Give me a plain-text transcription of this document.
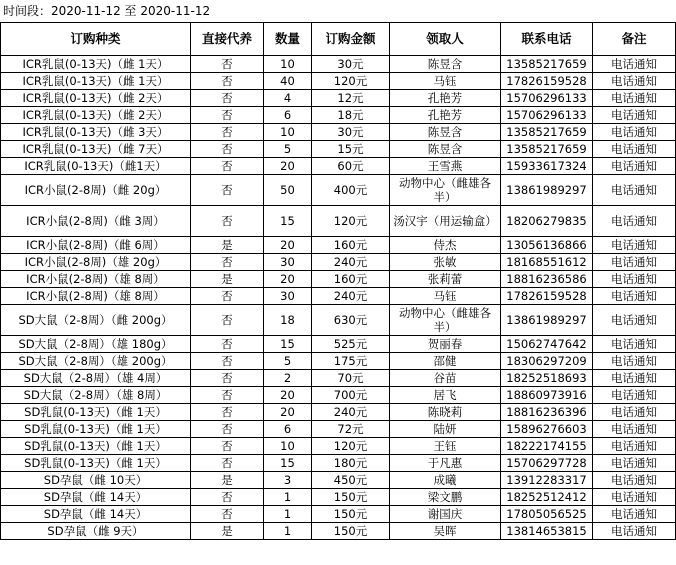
时间段：2020-11-12 至 2020-11-12
订购种类	直接代养	数量	订购金额	领取人	联系电话	备注
ICR乳鼠(0-13天)（雌 1天）	否	10	30元	陈昱含	13585217659	电话通知
ICR乳鼠(0-13天)（雌 1天）	否	40	120元	马钰	17826159528	电话通知
ICR乳鼠(0-13天)（雌 2天）	否	4	12元	孔艳芳	15706296133	电话通知
ICR乳鼠(0-13天)（雌 2天）	否	6	18元	孔艳芳	15706296133	电话通知
ICR乳鼠(0-13天)（雌 3天）	否	10	30元	陈昱含	13585217659	电话通知
ICR乳鼠(0-13天)（雌 7天）	否	5	15元	陈昱含	13585217659	电话通知
ICR乳鼠(0-13天)（雌1天）	否	20	60元	王雪燕	15933617324	电话通知
ICR小鼠(2-8周)（雌 20g）	否	50	400元	动物中心（雌雄各半）	13861989297	电话通知
ICR小鼠(2-8周)（雌 3周）	否	15	120元	汤汉宇（用运输盒）	18206279835	电话通知
ICR小鼠(2-8周)（雌 6周）	是	20	160元	侍杰	13056136866	电话通知
ICR小鼠(2-8周)（雄 20g）	否	30	240元	张敏	18168551612	电话通知
ICR小鼠(2-8周)（雄 8周）	是	20	160元	张莉蕾	18816236586	电话通知
ICR小鼠(2-8周)（雄 8周）	否	30	240元	马钰	17826159528	电话通知
SD大鼠（2-8周）（雌 200g）	否	18	630元	动物中心（雌雄各半）	13861989297	电话通知
SD大鼠（2-8周）（雄 180g）	否	15	525元	贺丽春	15062747642	电话通知
SD大鼠（2-8周）（雄 200g）	否	5	175元	邵健	18306297209	电话通知
SD大鼠（2-8周）（雄 4周）	否	2	70元	谷苗	18252518693	电话通知
SD大鼠（2-8周）（雄 8周）	否	20	700元	居飞	18860973916	电话通知
SD乳鼠(0-13天)（雌 1天）	否	20	240元	陈晓莉	18816236396	电话通知
SD乳鼠(0-13天)（雌 1天）	否	6	72元	陆妍	15896276603	电话通知
SD乳鼠(0-13天)（雌 1天）	否	10	120元	王钰	18222174155	电话通知
SD乳鼠(0-13天)（雌 1天）	否	15	180元	于凡惠	15706297728	电话通知
SD孕鼠（雌 10天）	是	3	450元	成曦	13912283317	电话通知
SD孕鼠（雌 14天）	否	1	150元	梁文鹏	18252512412	电话通知
SD孕鼠（雌 14天）	否	1	150元	谢国庆	17805056525	电话通知
SD孕鼠（雌 9天）	是	1	150元	吴晖	13814653815	电话通知
